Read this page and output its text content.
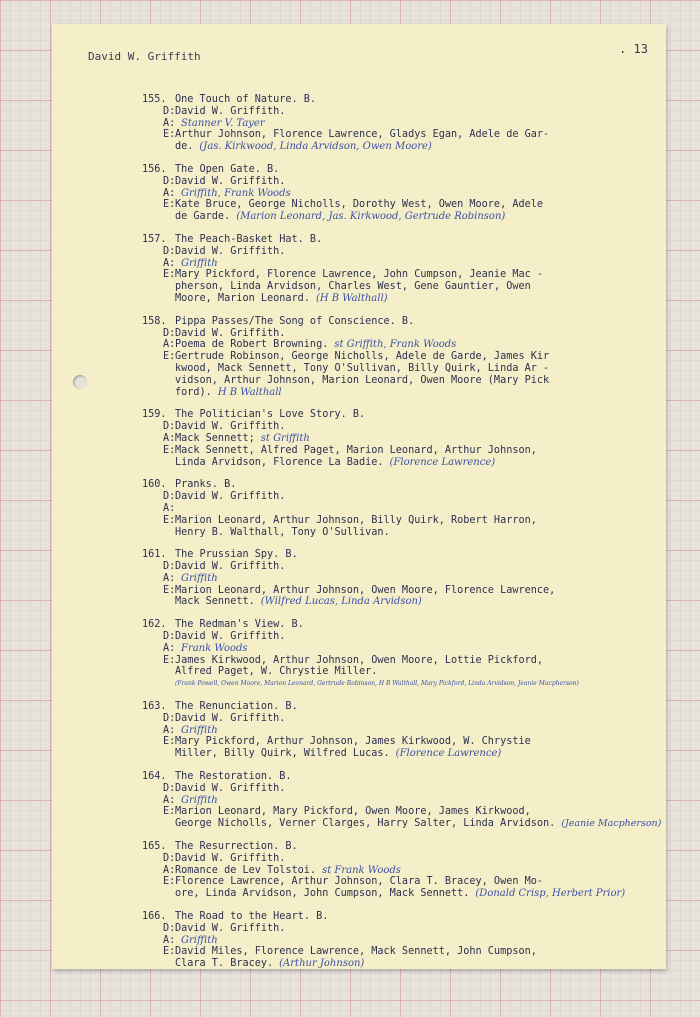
David W. Griffith
. 13
155. One Touch of Nature. B.
D: David W. Griffith.
A: Stanner V. Tayer
E: Arthur Johnson, Florence Lawrence, Gladys Egan, Adele de Gar-

de. (Jas. Kirkwood, Linda Arvidson, Owen Moore)
156. The Open Gate. B.
D: David W. Griffith.
A: Griffith, Frank Woods
E: Kate Bruce, George Nicholls, Dorothy West, Owen Moore, Adele

de Garde. (Marion Leonard, Jas. Kirkwood, Gertrude Robinson)
157. The Peach-Basket Hat. B.
D: David W. Griffith.
A: Griffith
E: Mary Pickford, Florence Lawrence, John Cumpson, Jeanie Mac -

pherson, Linda Arvidson, Charles West, Gene Gauntier, Owen

Moore, Marion Leonard. (H B Walthall)
158. Pippa Passes/The Song of Conscience. B.
D: David W. Griffith.
A: Poema de Robert Browning. st Griffith, Frank Woods
E: Gertrude Robinson, George Nicholls, Adele de Garde, James Kir

kwood, Mack Sennett, Tony O'Sullivan, Billy Quirk, Linda Ar -

vidson, Arthur Johnson, Marion Leonard, Owen Moore (Mary Pick

ford). H B Walthall
159. The Politician's Love Story. B.
D: David W. Griffith.
A: Mack Sennett; st Griffith
E: Mack Sennett, Alfred Paget, Marion Leonard, Arthur Johnson,

Linda Arvidson, Florence La Badie. (Florence Lawrence)
160. Pranks. B.
D: David W. Griffith.
A:
E: Marion Leonard, Arthur Johnson, Billy Quirk, Robert Harron,

Henry B. Walthall, Tony O'Sullivan.
161. The Prussian Spy. B.
D: David W. Griffith.
A: Griffith
E: Marion Leonard, Arthur Johnson, Owen Moore, Florence Lawrence,

Mack Sennett. (Wilfred Lucas, Linda Arvidson)
162. The Redman's View. B.
D: David W. Griffith.
A: Frank Woods
E: James Kirkwood, Arthur Johnson, Owen Moore, Lottie Pickford,

Alfred Paget, W. Chrystie Miller.
(Frank Powell, Owen Moore, Marion Leonard, Gertrude Robinson, H B Walthall, Mary Pickford, Linda Arvidson, Jeanie Macpherson)
163. The Renunciation. B.
D: David W. Griffith.
A: Griffith
E: Mary Pickford, Arthur Johnson, James Kirkwood, W. Chrystie

Miller, Billy Quirk, Wilfred Lucas. (Florence Lawrence)
164. The Restoration. B.
D: David W. Griffith.
A: Griffith
E: Marion Leonard, Mary Pickford, Owen Moore, James Kirkwood,

George Nicholls, Verner Clarges, Harry Salter, Linda Arvidson. (Jeanie Macpherson)
165. The Resurrection. B.
D: David W. Griffith.
A: Romance de Lev Tolstoi. st Frank Woods
E: Florence Lawrence, Arthur Johnson, Clara T. Bracey, Owen Mo-

ore, Linda Arvidson, John Cumpson, Mack Sennett. (Donald Crisp, Herbert Prior)
166. The Road to the Heart. B.
D: David W. Griffith.
A: Griffith
E: David Miles, Florence Lawrence, Mack Sennett, John Cumpson,

Clara T. Bracey. (Arthur Johnson)
